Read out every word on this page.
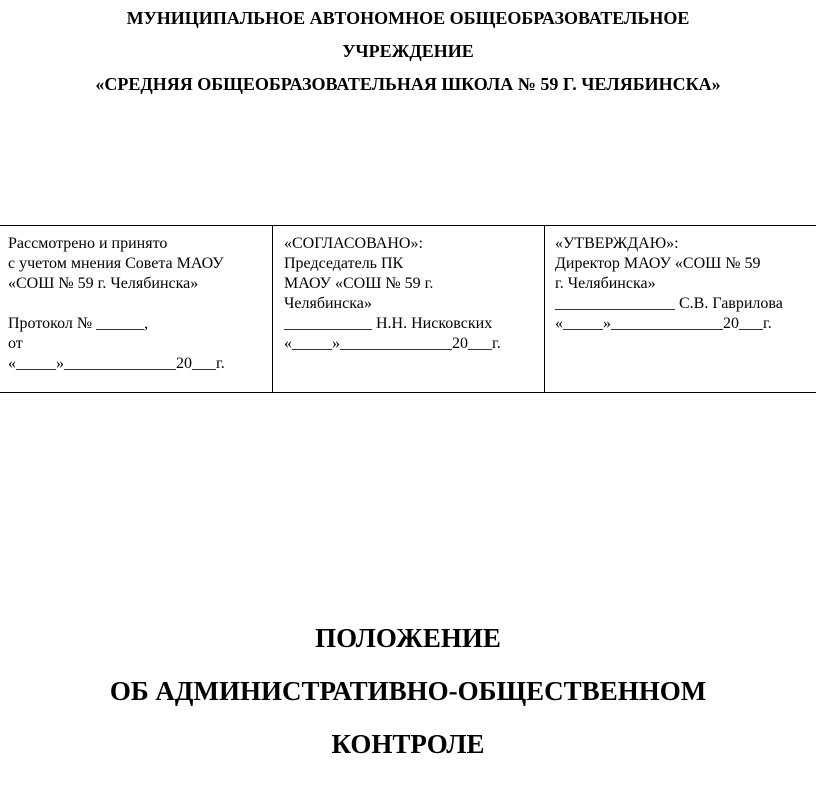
МУНИЦИПАЛЬНОЕ АВТОНОМНОЕ ОБЩЕОБРАЗОВАТЕЛЬНОЕ
УЧРЕЖДЕНИЕ
«СРЕДНЯЯ ОБЩЕОБРАЗОВАТЕЛЬНАЯ ШКОЛА № 59 Г. ЧЕЛЯБИНСКА»
Рассмотрено и принято
с учетом мнения Совета МАОУ
«СОШ № 59 г. Челябинска»
Протокол № ______,
от
«_____»______________20___г.
«СОГЛАСОВАНО»:
Председатель ПК
МАОУ «СОШ № 59 г.
Челябинска»
___________ Н.Н. Нисковских
«_____»______________20___г.
«УТВЕРЖДАЮ»:
Директор МАОУ «СОШ № 59
г. Челябинска»
_______________ С.В. Гаврилова
«_____»______________20___г.
ПОЛОЖЕНИЕ
ОБ АДМИНИСТРАТИВНО-ОБЩЕСТВЕННОМ
КОНТРОЛЕ
